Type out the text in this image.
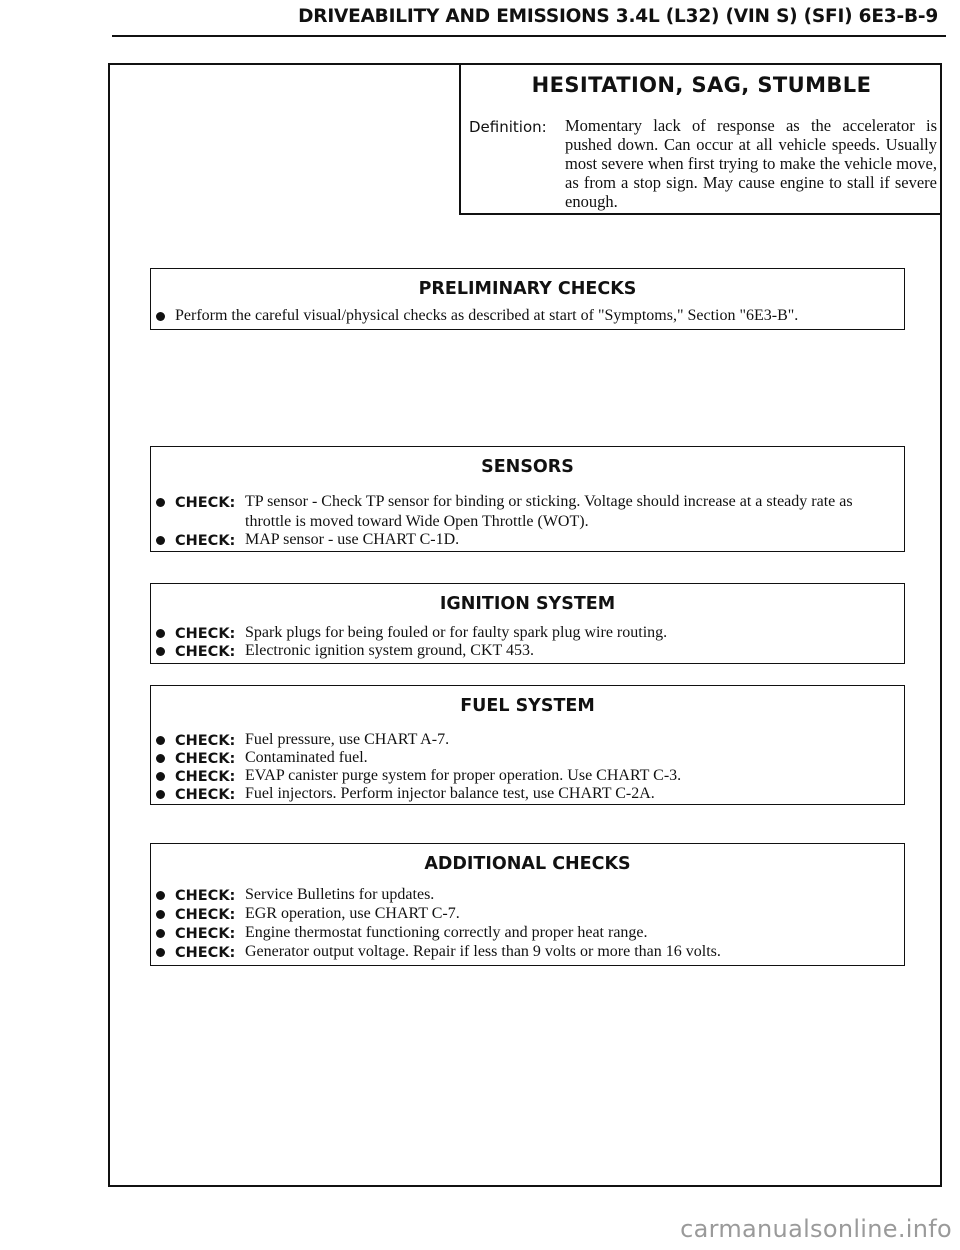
DRIVEABILITY AND EMISSIONS 3.4L (L32) (VIN S) (SFI) 6E3-B-9
HESITATION, SAG, STUMBLE
Definition: Momentary lack of response as the accelerator is pushed down. Can occur at all vehicle speeds. Usually most severe when first trying to make the vehicle move, as from a stop sign. May cause engine to stall if severe enough.
PRELIMINARY CHECKS
Perform the careful visual/physical checks as described at start of "Symptoms," Section "6E3-B".
SENSORS
CHECK: TP sensor - Check TP sensor for binding or sticking. Voltage should increase at a steady rate as throttle is moved toward Wide Open Throttle (WOT).
CHECK: MAP sensor - use CHART C-1D.
IGNITION SYSTEM
CHECK: Spark plugs for being fouled or for faulty spark plug wire routing.
CHECK: Electronic ignition system ground, CKT 453.
FUEL SYSTEM
CHECK: Fuel pressure, use CHART A-7.
CHECK: Contaminated fuel.
CHECK: EVAP canister purge system for proper operation. Use CHART C-3.
CHECK: Fuel injectors. Perform injector balance test, use CHART C-2A.
ADDITIONAL CHECKS
CHECK: Service Bulletins for updates.
CHECK: EGR operation, use CHART C-7.
CHECK: Engine thermostat functioning correctly and proper heat range.
CHECK: Generator output voltage. Repair if less than 9 volts or more than 16 volts.
carmanualsonline.info
